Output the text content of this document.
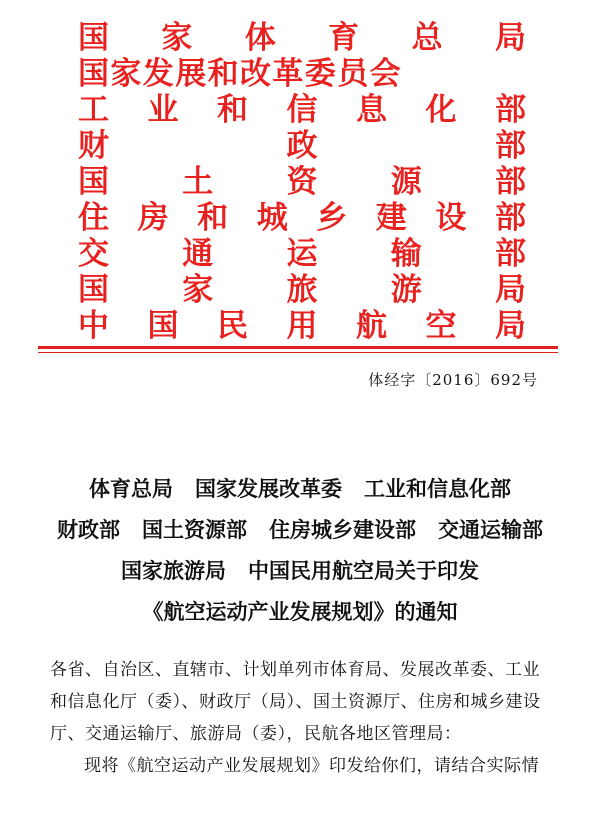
国 家 体 育 总 局
国家发展和改革委员会
工 业 和 信 息 化 部
财	政	部
国 土 资 源 部
住 房 和 城 乡 建 设 部
交 通 运 输 部
国 家 旅 游 局
中 国 民 用 航 空 局
体经字〔2016〕692号
体育总局 国家发展改革委 工业和信息化部
财政部 国土资源部 住房城乡建设部 交通运输部
国家旅游局 中国民用航空局关于印发
《航空运动产业发展规划》的通知
各省、自治区、直辖市、计划单列市体育局、发展改革委、工业
和信息化厅（委）、财政厅（局）、国土资源厅、住房和城乡建设
厅、交通运输厅、旅游局（委），民航各地区管理局：
现将《航空运动产业发展规划》印发给你们，请结合实际情
